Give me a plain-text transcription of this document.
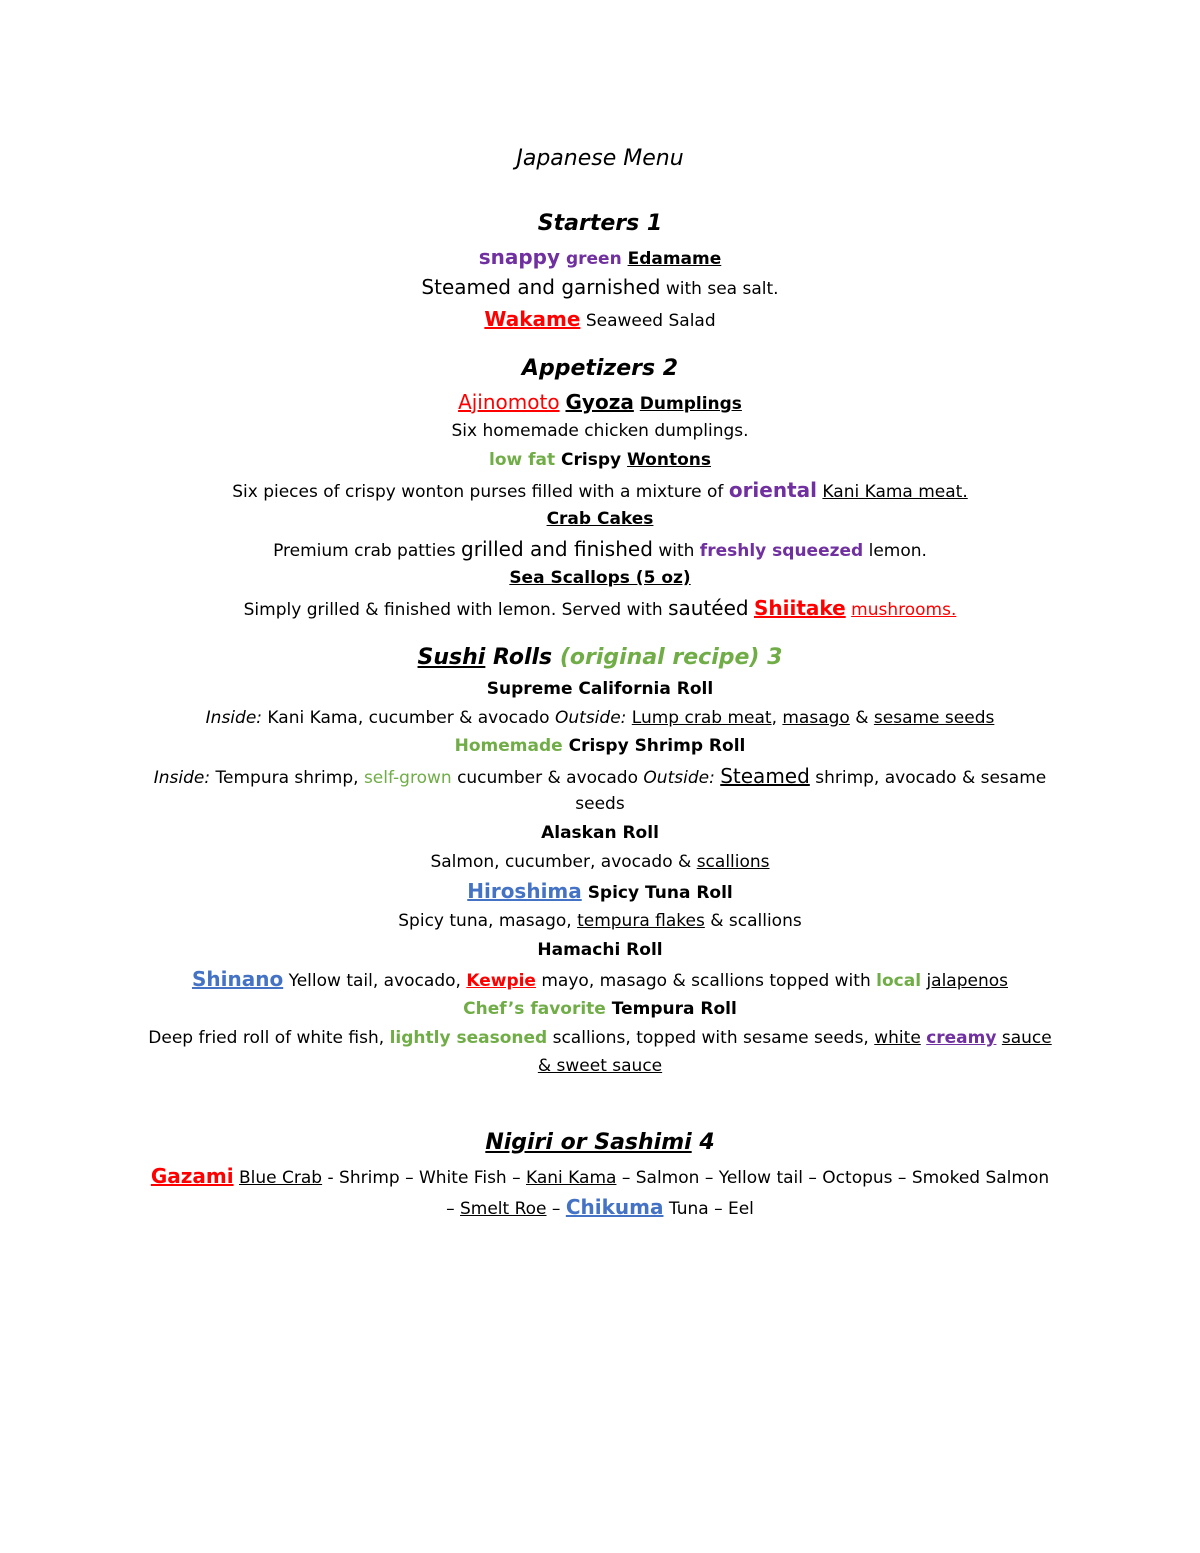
Japanese Menu
Starters 1
snappy green Edamame
Steamed and garnished with sea salt.
Wakame Seaweed Salad
Appetizers 2
Ajinomoto Gyoza Dumplings
Six homemade chicken dumplings.
low fat Crispy Wontons
Six pieces of crispy wonton purses filled with a mixture of oriental Kani Kama meat.
Crab Cakes
Premium crab patties grilled and finished with freshly squeezed lemon.
Sea Scallops (5 oz)
Simply grilled & finished with lemon. Served with sautéed Shiitake mushrooms.
Sushi Rolls (original recipe) 3
Supreme California Roll
Inside: Kani Kama, cucumber & avocado Outside: Lump crab meat, masago & sesame seeds
Homemade Crispy Shrimp Roll
Inside: Tempura shrimp, self-grown cucumber & avocado Outside: Steamed shrimp, avocado & sesame
seeds
Alaskan Roll
Salmon, cucumber, avocado & scallions
Hiroshima Spicy Tuna Roll
Spicy tuna, masago, tempura flakes & scallions
Hamachi Roll
Shinano Yellow tail, avocado, Kewpie mayo, masago & scallions topped with local jalapenos
Chef’s favorite Tempura Roll
Deep fried roll of white fish, lightly seasoned scallions, topped with sesame seeds, white creamy sauce
& sweet sauce
Nigiri or Sashimi 4
Gazami Blue Crab - Shrimp – White Fish – Kani Kama – Salmon – Yellow tail – Octopus – Smoked Salmon
– Smelt Roe – Chikuma Tuna – Eel
